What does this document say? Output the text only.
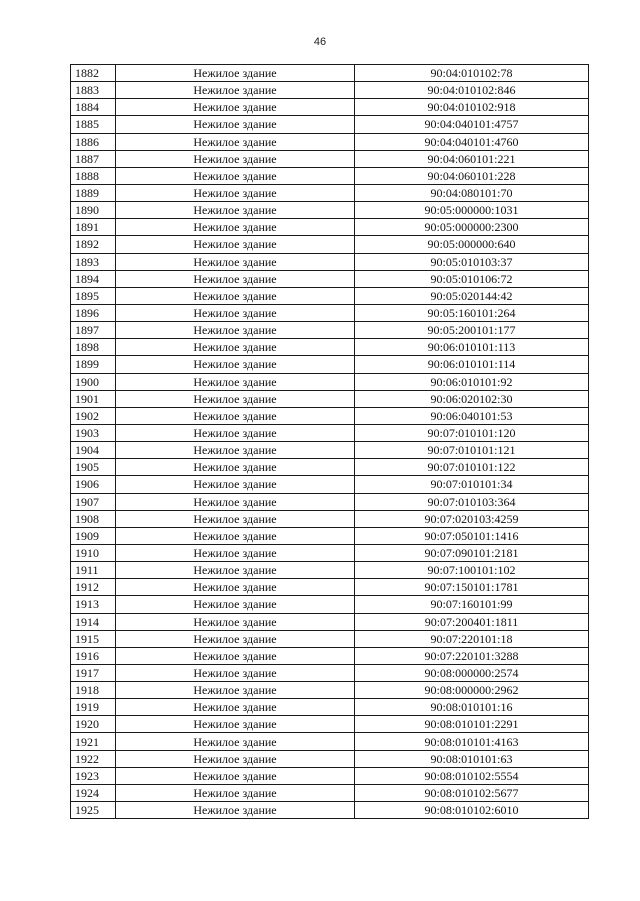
46
1882	Нежилое здание	90:04:010102:78
1883	Нежилое здание	90:04:010102:846
1884	Нежилое здание	90:04:010102:918
1885	Нежилое здание	90:04:040101:4757
1886	Нежилое здание	90:04:040101:4760
1887	Нежилое здание	90:04:060101:221
1888	Нежилое здание	90:04:060101:228
1889	Нежилое здание	90:04:080101:70
1890	Нежилое здание	90:05:000000:1031
1891	Нежилое здание	90:05:000000:2300
1892	Нежилое здание	90:05:000000:640
1893	Нежилое здание	90:05:010103:37
1894	Нежилое здание	90:05:010106:72
1895	Нежилое здание	90:05:020144:42
1896	Нежилое здание	90:05:160101:264
1897	Нежилое здание	90:05:200101:177
1898	Нежилое здание	90:06:010101:113
1899	Нежилое здание	90:06:010101:114
1900	Нежилое здание	90:06:010101:92
1901	Нежилое здание	90:06:020102:30
1902	Нежилое здание	90:06:040101:53
1903	Нежилое здание	90:07:010101:120
1904	Нежилое здание	90:07:010101:121
1905	Нежилое здание	90:07:010101:122
1906	Нежилое здание	90:07:010101:34
1907	Нежилое здание	90:07:010103:364
1908	Нежилое здание	90:07:020103:4259
1909	Нежилое здание	90:07:050101:1416
1910	Нежилое здание	90:07:090101:2181
1911	Нежилое здание	90:07:100101:102
1912	Нежилое здание	90:07:150101:1781
1913	Нежилое здание	90:07:160101:99
1914	Нежилое здание	90:07:200401:1811
1915	Нежилое здание	90:07:220101:18
1916	Нежилое здание	90:07:220101:3288
1917	Нежилое здание	90:08:000000:2574
1918	Нежилое здание	90:08:000000:2962
1919	Нежилое здание	90:08:010101:16
1920	Нежилое здание	90:08:010101:2291
1921	Нежилое здание	90:08:010101:4163
1922	Нежилое здание	90:08:010101:63
1923	Нежилое здание	90:08:010102:5554
1924	Нежилое здание	90:08:010102:5677
1925	Нежилое здание	90:08:010102:6010
